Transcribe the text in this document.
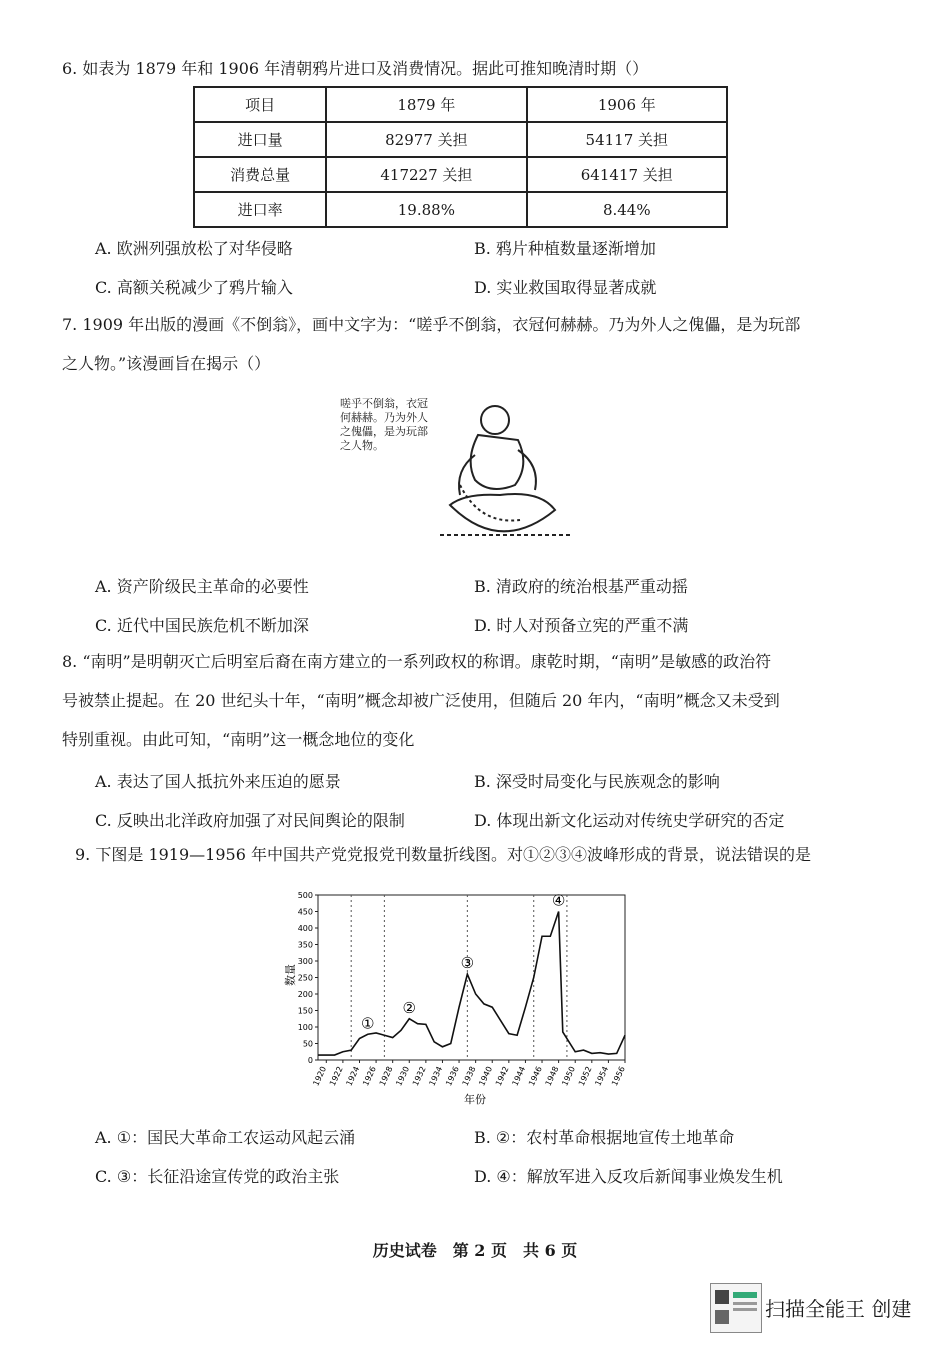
6. 如表为 1879 年和 1906 年清朝鸦片进口及消费情况。据此可推知晚清时期（）
项目	1879 年	1906 年
进口量	82977 关担	54117 关担
消费总量	417227 关担	641417 关担
进口率	19.88%	8.44%
A. 欧洲列强放松了对华侵略	B. 鸦片种植数量逐渐增加
C. 高额关税减少了鸦片输入	D. 实业救国取得显著成就
7. 1909 年出版的漫画《不倒翁》，画中文字为：“嗟乎不倒翁，衣冠何赫赫。乃为外人之傀儡，是为玩部
之人物。”该漫画旨在揭示（）
嗟乎不倒翁，衣冠何赫赫。乃为外人之傀儡，是为玩部之人物。
A. 资产阶级民主革命的必要性	B. 清政府的统治根基严重动摇
C. 近代中国民族危机不断加深	D. 时人对预备立宪的严重不满
8. “南明”是明朝灭亡后明室后裔在南方建立的一系列政权的称谓。康乾时期，“南明”是敏感的政治符
号被禁止提起。在 20 世纪头十年，“南明”概念却被广泛使用，但随后 20 年内，“南明”概念又未受到
特别重视。由此可知，“南明”这一概念地位的变化
A. 表达了国人抵抗外来压迫的愿景	B. 深受时局变化与民族观念的影响
C. 反映出北洋政府加强了对民间舆论的限制	D. 体现出新文化运动对传统史学研究的否定
9. 下图是 1919—1956 年中国共产党党报党刊数量折线图。对①②③④波峰形成的背景，说法错误的是
0
50
100
150
200
250
300
350
400
450
500
1920 1922 1924 1926 1928 1930 1932 1934 1936 1938 1940 1942 1944 1946 1948 1950 1952 1954 1956
①
②
③
④
数量
年份
A. ①：国民大革命工农运动风起云涌	B. ②：农村革命根据地宣传土地革命
C. ③：长征沿途宣传党的政治主张	D. ④：解放军进入反攻后新闻事业焕发生机
历史试卷　第 2 页　共 6 页
扫描全能王 创建
